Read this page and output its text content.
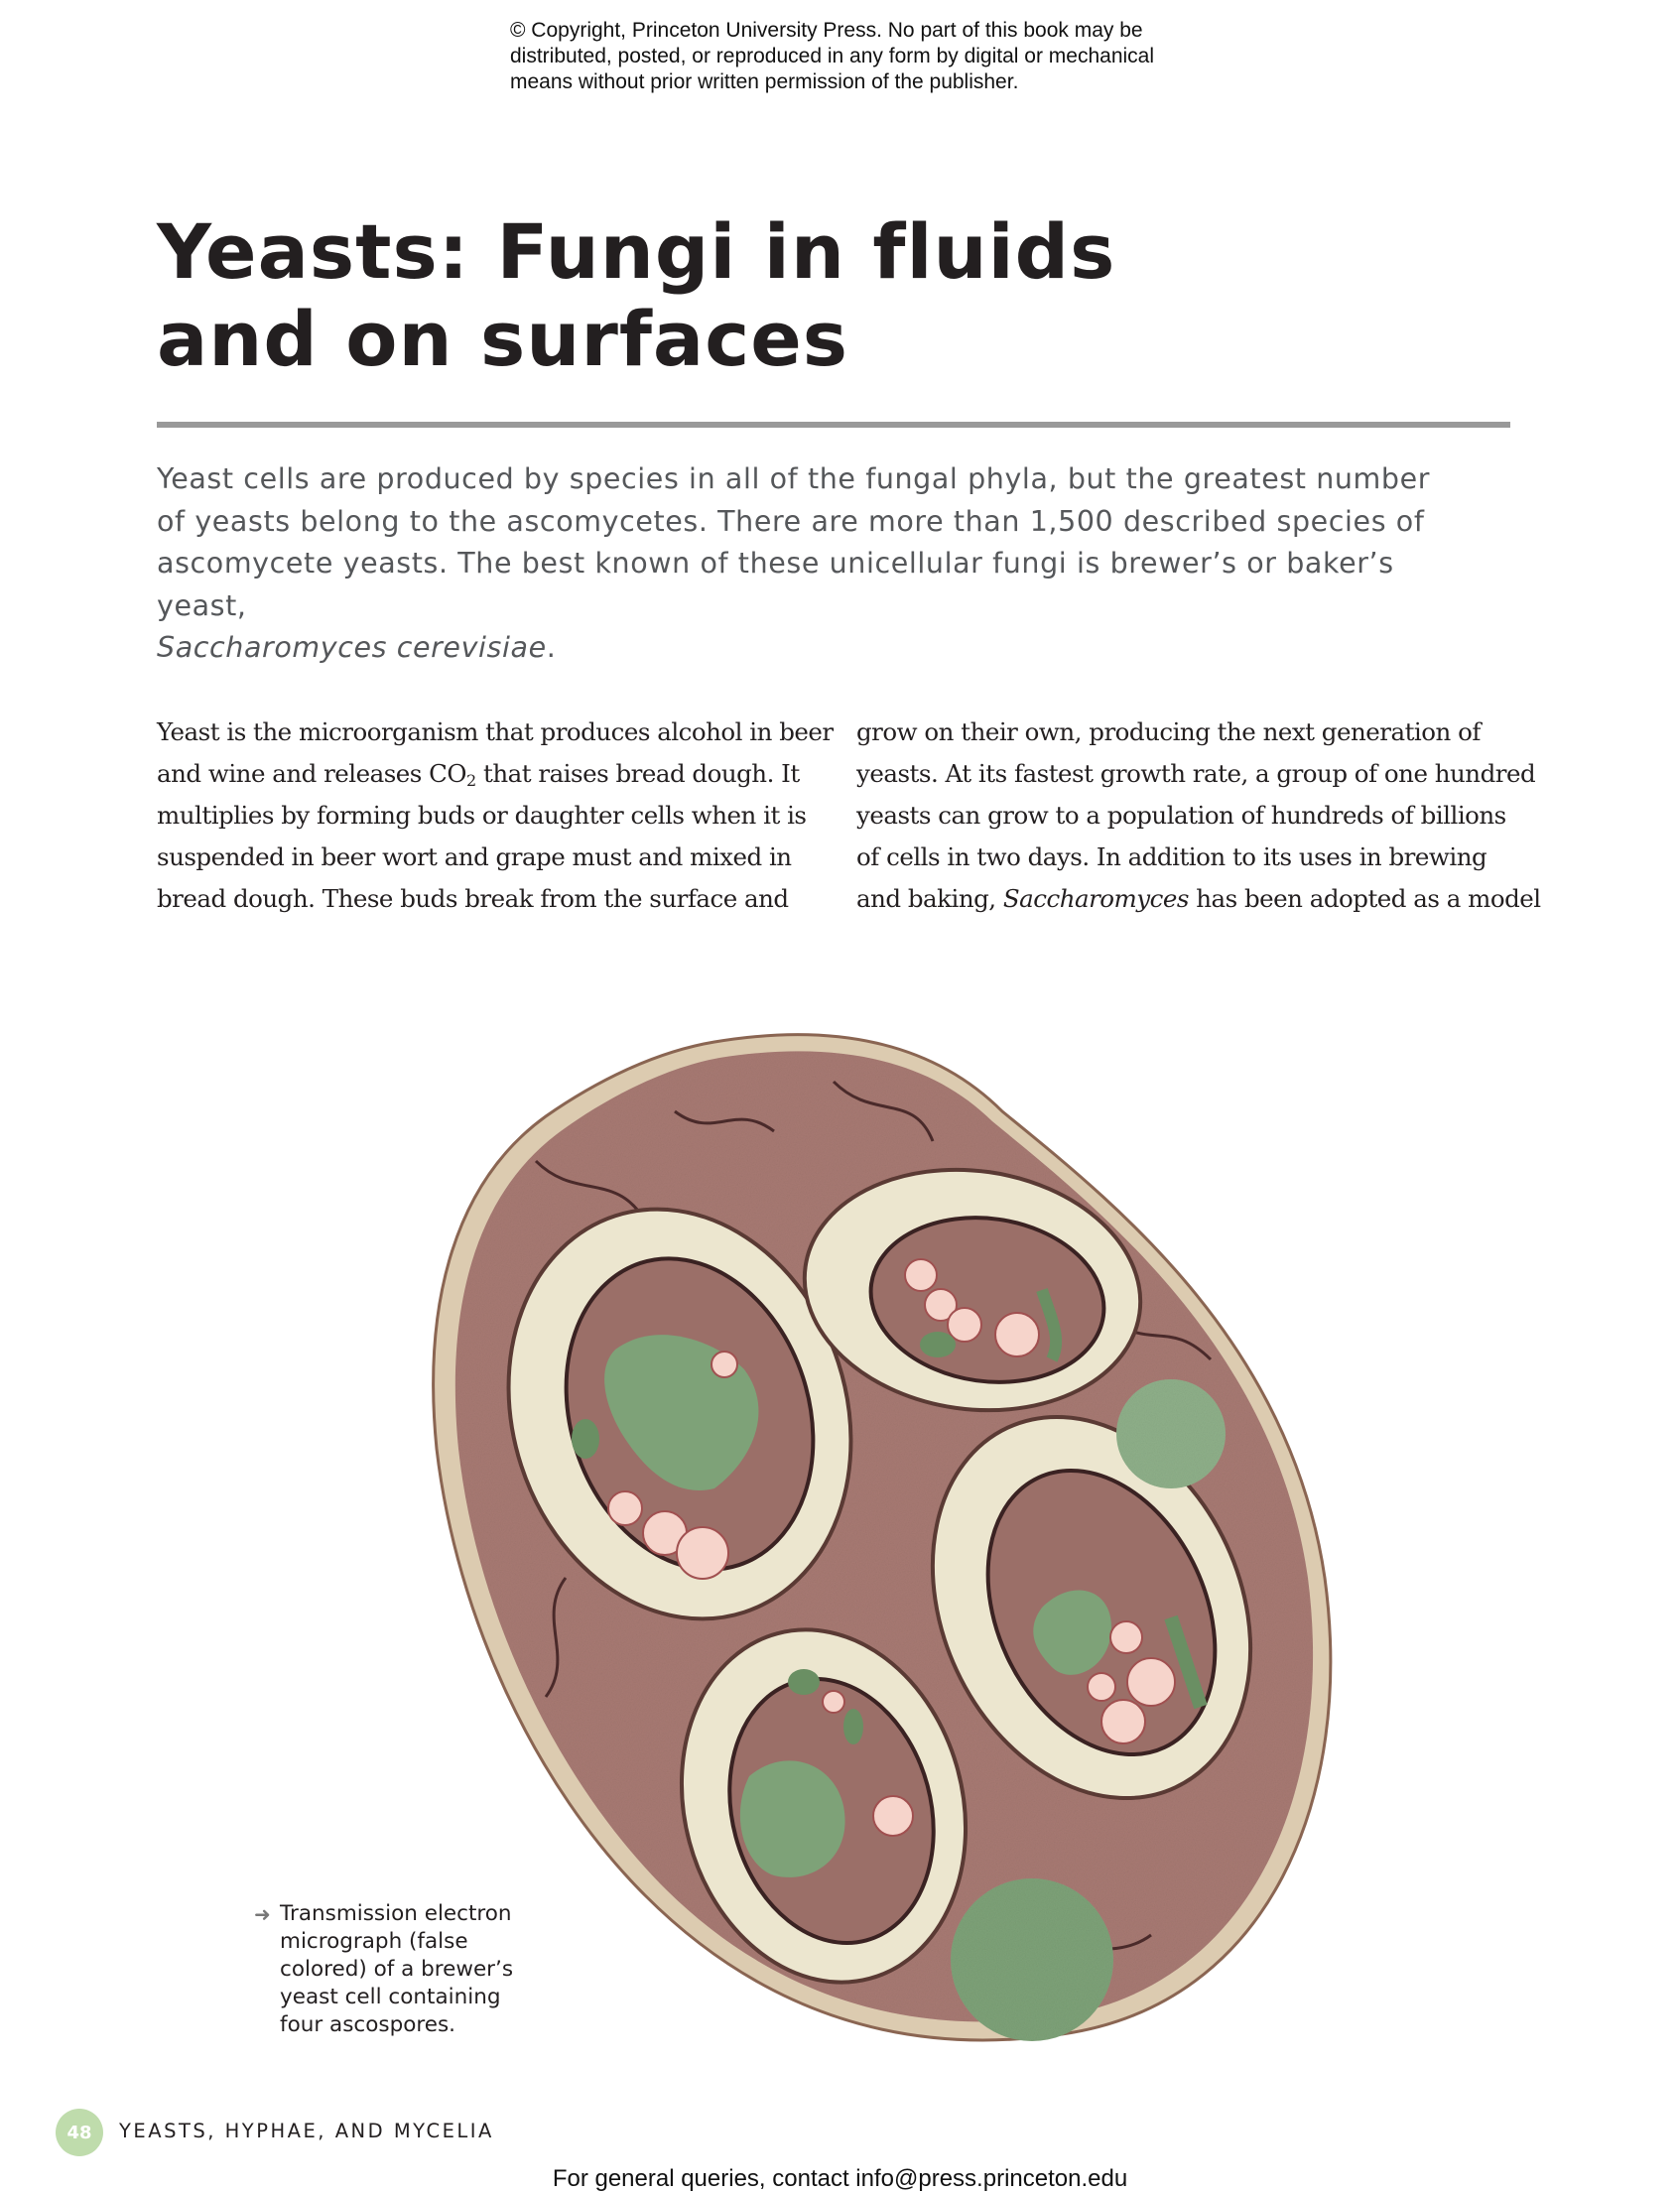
© Copyright, Princeton University Press. No part of this book may be
distributed, posted, or reproduced in any form by digital or mechanical
means without prior written permission of the publisher.
Yeasts: Fungi in fluids
and on surfaces
Yeast cells are produced by species in all of the fungal phyla, but the greatest number
of yeasts belong to the ascomycetes. There are more than 1,500 described species of
ascomycete yeasts. The best known of these unicellular fungi is brewer’s or baker’s yeast,
Saccharomyces cerevisiae.
Yeast is the microorganism that produces alcohol in beer
and wine and releases $CO_2$ that raises bread dough. It
multiplies by forming buds or daughter cells when it is
suspended in beer wort and grape must and mixed in
bread dough. These buds break from the surface and
grow on their own, producing the next generation of
yeasts. At its fastest growth rate, a group of one hundred
yeasts can grow to a population of hundreds of billions
of cells in two days. In addition to its uses in brewing
and baking, Saccharomyces has been adopted as a model
➜ Transmission electron
micrograph (false
colored) of a brewer’s
yeast cell containing
four ascospores.
48	YEASTS, HYPHAE, AND MYCELIA
For general queries, contact info@press.princeton.edu
